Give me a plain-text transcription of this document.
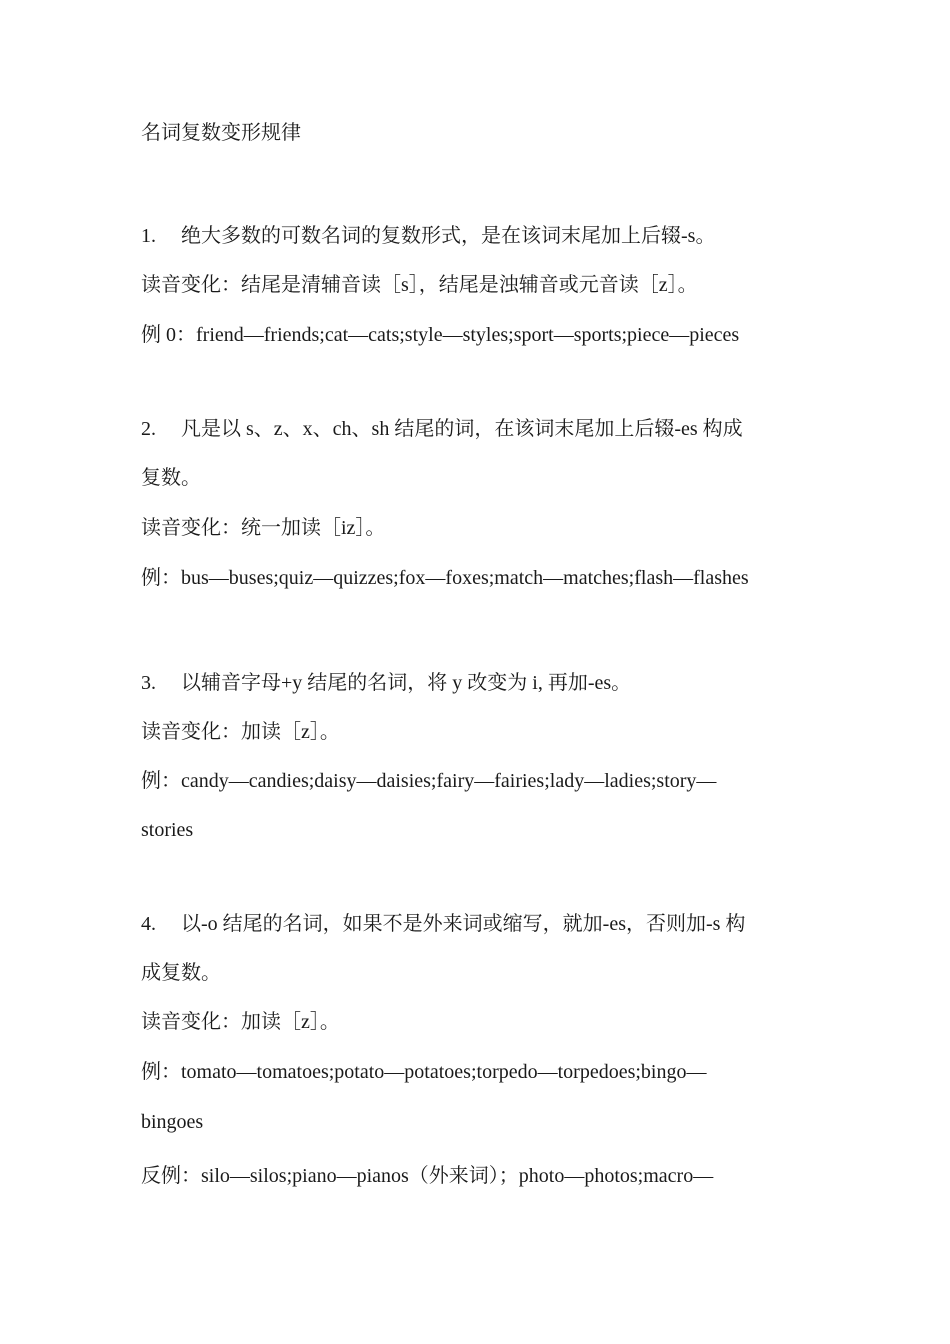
名词复数变形规律
1. 绝大多数的可数名词的复数形式，是在该词末尾加上后辍-s。
读音变化：结尾是清辅音读［s］，结尾是浊辅音或元音读［z］。
例 0：friend—friends;cat—cats;style—styles;sport—sports;piece—pieces
2. 凡是以 s、z、x、ch、sh 结尾的词，在该词末尾加上后辍-es 构成
复数。
读音变化：统一加读［iz］。
例：bus—buses;quiz—quizzes;fox—foxes;match—matches;flash—flashes
3. 以辅音字母+y 结尾的名词，将 y 改变为 i, 再加-es。
读音变化：加读［z］。
例：candy—candies;daisy—daisies;fairy—fairies;lady—ladies;story—
stories
4. 以-o 结尾的名词，如果不是外来词或缩写，就加-es，否则加-s 构
成复数。
读音变化：加读［z］。
例：tomato—tomatoes;potato—potatoes;torpedo—torpedoes;bingo—
bingoes
反例：silo—silos;piano—pianos（外来词）；photo—photos;macro—
